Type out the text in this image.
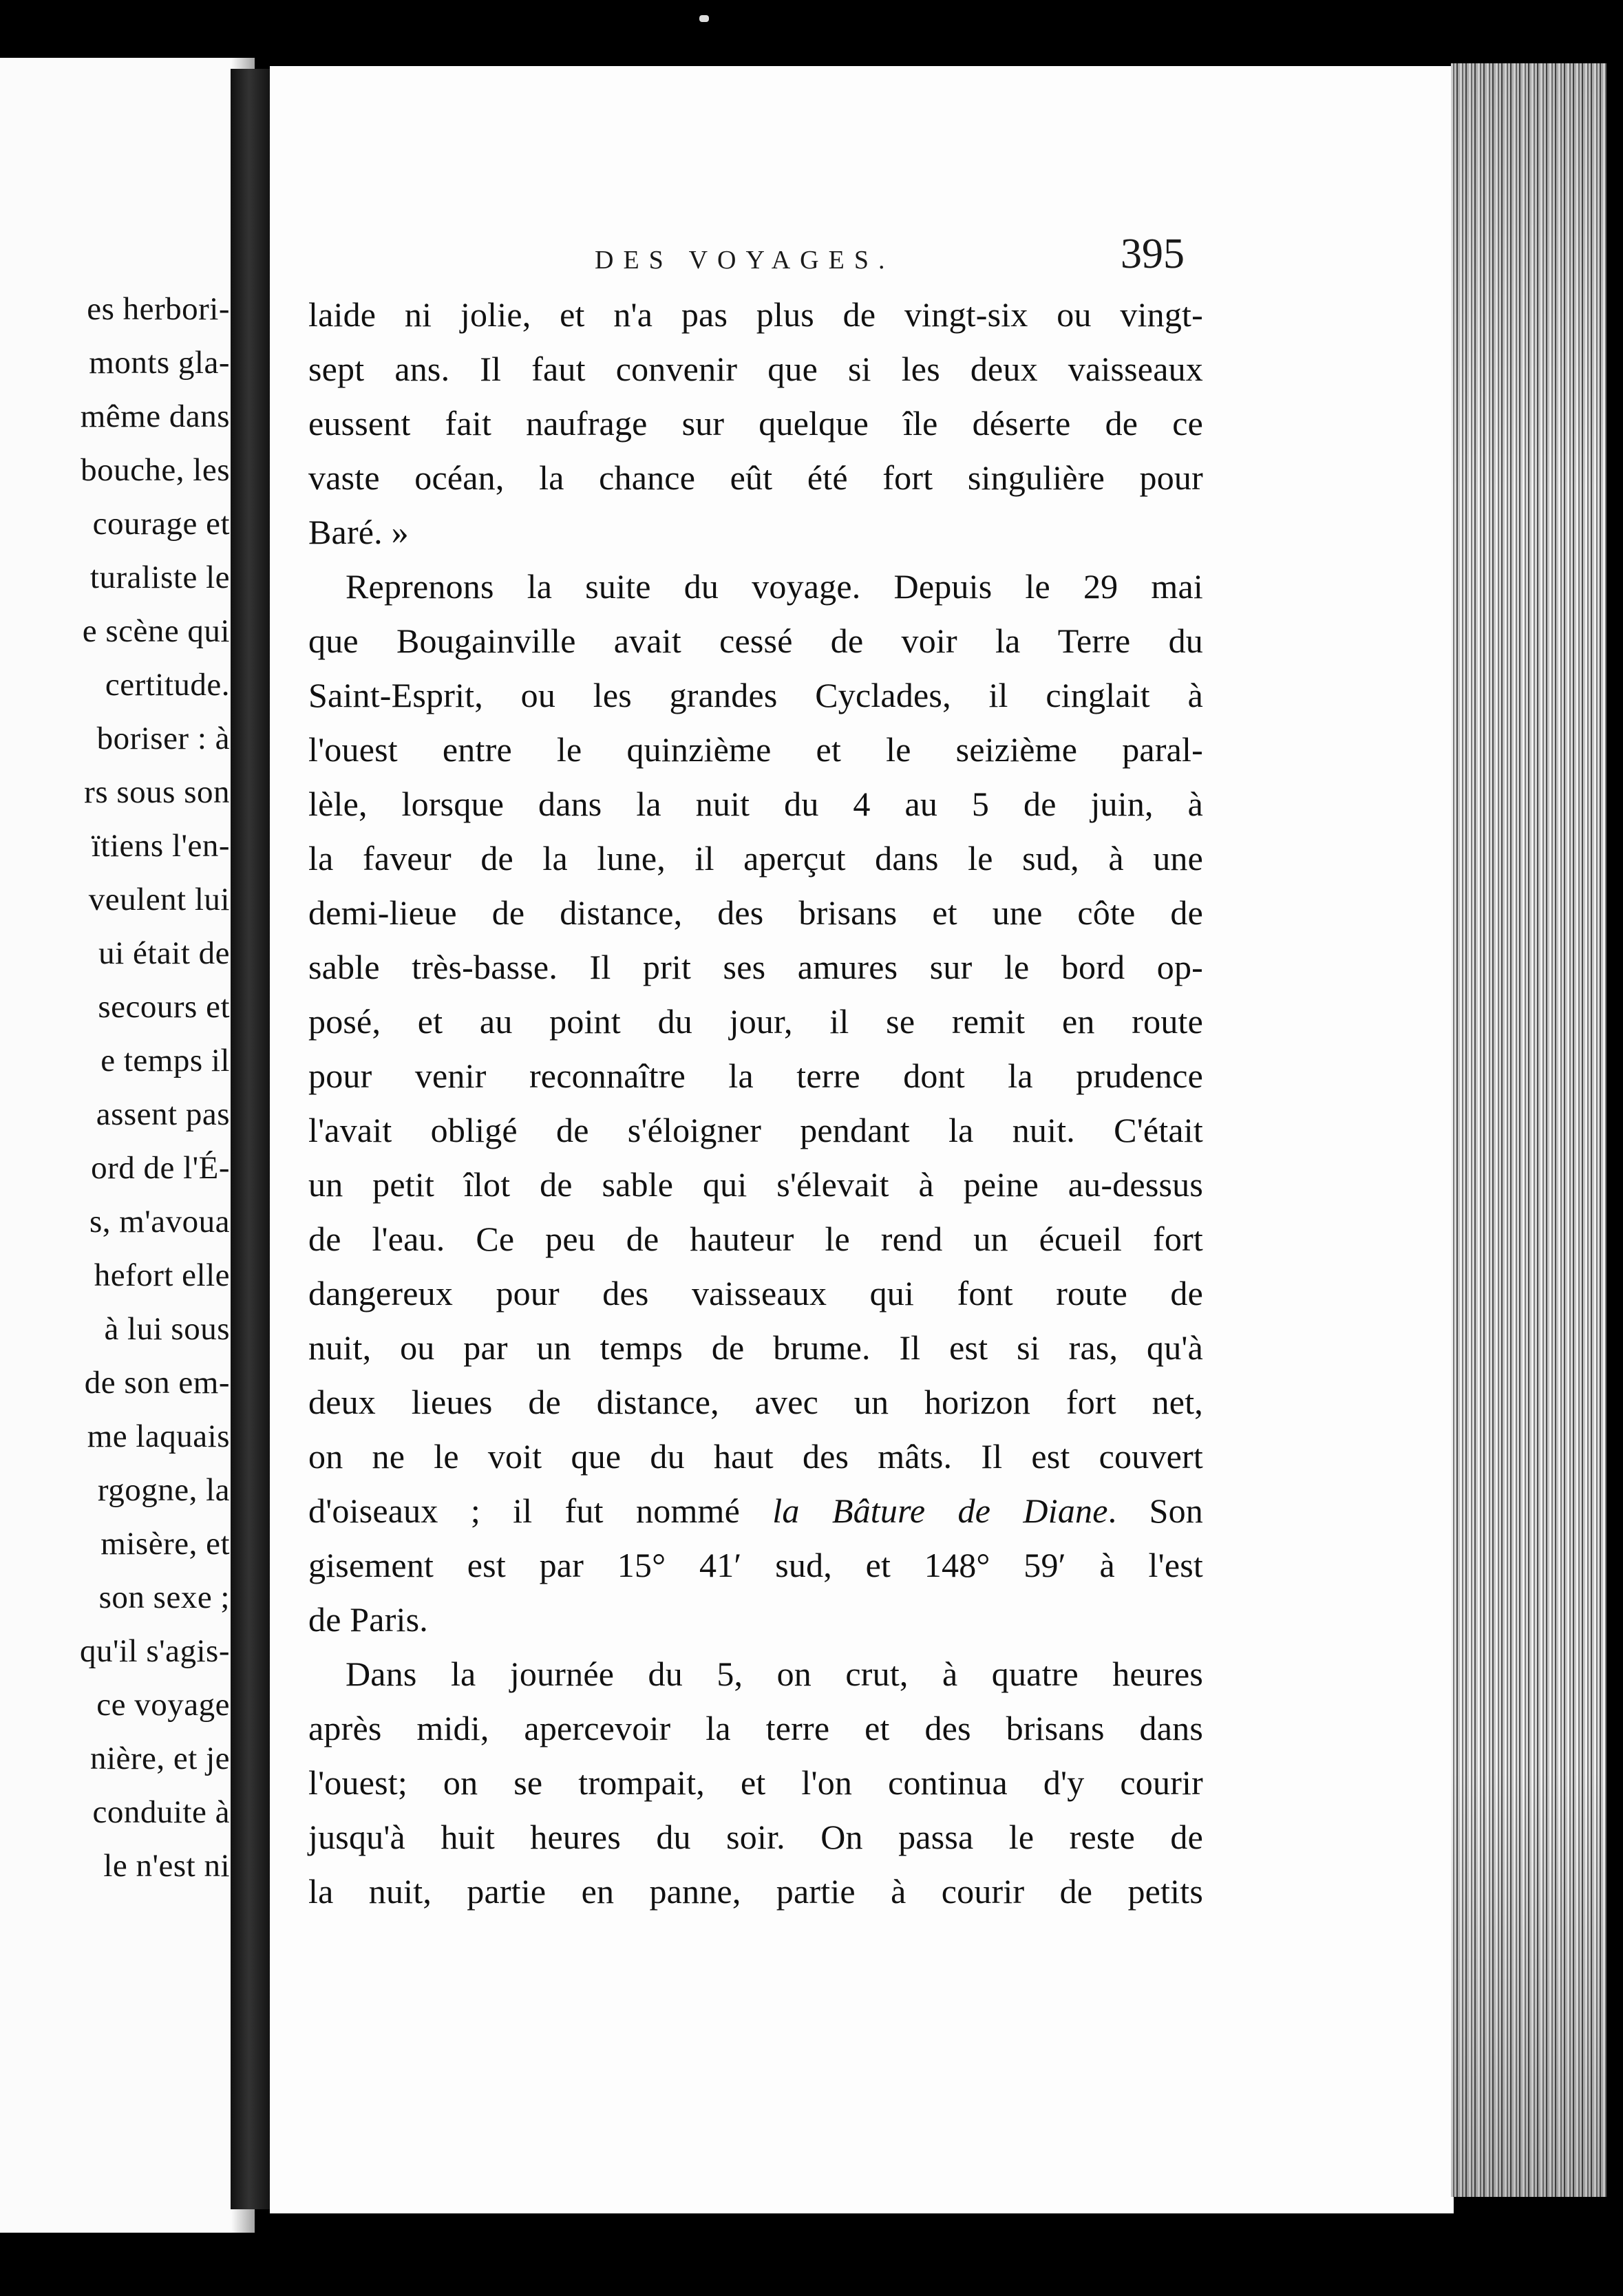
es herbori-
monts gla-
même dans
bouche, les
courage et
turaliste le
e scène qui
certitude.
boriser : à
rs sous son
ïtiens l'en-
veulent lui
ui était de
secours et
e temps il
assent pas
ord de l'É-
s, m'avoua
hefort elle
à lui sous
de son em-
me laquais
rgogne, la
misère, et
son sexe ;
qu'il s'agis-
ce voyage
nière, et je
conduite à
le n'est ni
DES VOYAGES.	395
laide ni jolie, et n'a pas plus de vingt-six ou vingt-
sept ans. Il faut convenir que si les deux vaisseaux
eussent fait naufrage sur quelque île déserte de ce
vaste océan, la chance eût été fort singulière pour
Baré. »
Reprenons la suite du voyage. Depuis le 29 mai
que Bougainville avait cessé de voir la Terre du
Saint-Esprit, ou les grandes Cyclades, il cinglait à
l'ouest entre le quinzième et le seizième paral-
lèle, lorsque dans la nuit du 4 au 5 de juin, à
la faveur de la lune, il aperçut dans le sud, à une
demi-lieue de distance, des brisans et une côte de
sable très-basse. Il prit ses amures sur le bord op-
posé, et au point du jour, il se remit en route
pour venir reconnaître la terre dont la prudence
l'avait obligé de s'éloigner pendant la nuit. C'était
un petit îlot de sable qui s'élevait à peine au-dessus
de l'eau. Ce peu de hauteur le rend un écueil fort
dangereux pour des vaisseaux qui font route de
nuit, ou par un temps de brume. Il est si ras, qu'à
deux lieues de distance, avec un horizon fort net,
on ne le voit que du haut des mâts. Il est couvert
d'oiseaux ; il fut nommé la Bâture de Diane. Son
gisement est par 15° 41′ sud, et 148° 59′ à l'est
de Paris.
Dans la journée du 5, on crut, à quatre heures
après midi, apercevoir la terre et des brisans dans
l'ouest; on se trompait, et l'on continua d'y courir
jusqu'à huit heures du soir. On passa le reste de
la nuit, partie en panne, partie à courir de petits
